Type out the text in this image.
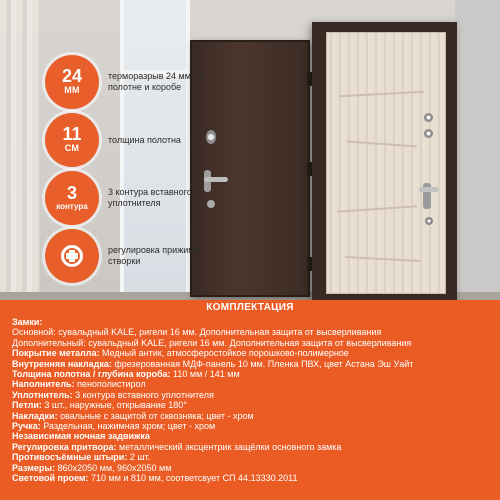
24
ММ
терморазрыв 24 мм на полотне и коробе
11
СМ
толщина полотна
3
контура
3 контура вставного уплотнителя
регулировка прижима створки
КОМПЛЕКТАЦИЯ
Замки:
Основной: сувальдный KALE, ригели 16 мм. Дополнительная защита от высверливания
Дополнительный: сувальдный KALE, ригели 16 мм. Дополнительная защита от высверливания
Покрытие металла: Медный антик, атмосферостойкое порошково-полимерное
Внутренняя накладка: фрезерованная МДФ-панель 10 мм. Пленка ПВХ, цвет Астана Эш Уайт
Толщина полотна / глубина короба: 110 мм / 141 мм
Наполнитель: пенополистирол
Уплотнитель: 3 контура вставного уплотнителя
Петли: 3 шт., наружные, открывание 180°
Накладки: овальные с защитой от сквозняка; цвет - хром
Ручка: Раздельная, нажимная хром; цвет - хром
Независимая ночная задвижка
Регулировка притвора: металлический эксцентрик защёлки основного замка
Противосъёмные штыри: 2 шт.
Размеры: 860х2050 мм, 960х2050 мм
Световой проем: 710 мм и 810 мм, соответсвует СП 44.13330.2011
